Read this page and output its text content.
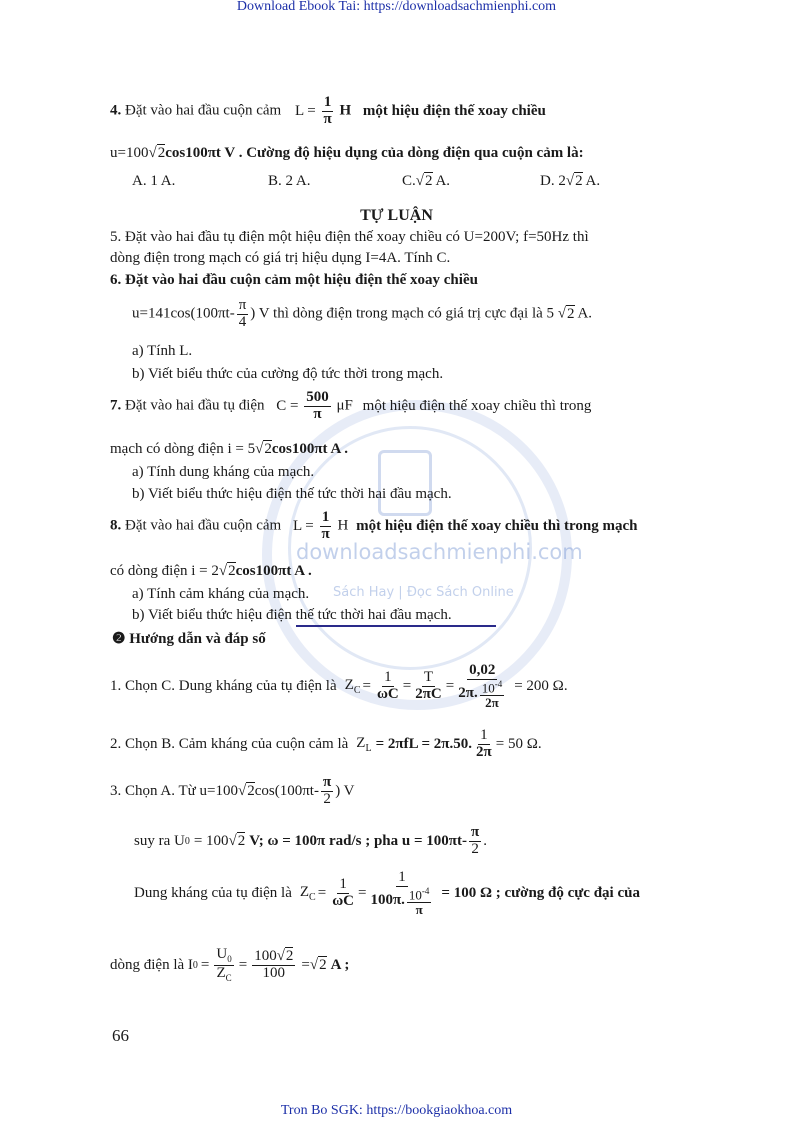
downloadsachmienphi.com
Sách Hay | Đọc Sách Online
Download Ebook Tai: https://downloadsachmienphi.com
Tron Bo SGK: https://bookgiaokhoa.com
4. Đặt vào hai đầu cuộn cảm $L = \frac{1}{\pi}$ H một hiệu điện thế xoay chiều
u=100√2cos100πt V . Cường độ hiệu dụng của dòng điện qua cuộn cảm là:
A. 1 A.	B. 2 A.	C.√2 A.	D. 2√2 A.
TỰ LUẬN
5. Đặt vào hai đầu tụ điện một hiệu điện thế xoay chiều có U=200V; f=50Hz thì
dòng điện trong mạch có giá trị hiệu dụng I=4A. Tính C.
6. Đặt vào hai đầu cuộn cảm một hiệu điện thế xoay chiều
$u=141\cos(100\pi t- \frac{\pi}{4}$ ) V thì dòng điện trong mạch có giá trị cực đại là 5 √2 A.
a) Tính L.
b) Viết biểu thức của cường độ tức thời trong mạch.
7. Đặt vào hai đầu tụ điện $C = \frac{500}{\pi}$ μF một hiệu điện thế xoay chiều thì trong
mạch có dòng điện i = 5√2cos100πt A .
a) Tính dung kháng của mạch.
b) Viết biểu thức hiệu điện thế tức thời hai đầu mạch.
8. Đặt vào hai đầu cuộn cảm $L = \frac{1}{\pi}$ H một hiệu điện thế xoay chiều thì trong mạch
có dòng điện i = 2√2cos100πt A .
a) Tính cảm kháng của mạch.
b) Viết biểu thức hiệu điện thế tức thời hai đầu mạch.
❷ Hướng dẫn và đáp số
1. Chọn C. Dung kháng của tụ điện là $Z_C = \frac{1}{\omega C} = \frac{T}{2\pi C} = \frac{0,02}{2\pi. \frac{10^{-4}}{2\pi}} = 200$ Ω.
2. Chọn B. Cảm kháng của cuộn cảm là $Z_L = 2\pi fL = 2\pi.50$. $\frac{1}{2\pi} = 50$ Ω.
3. Chọn A. Từ u=100 √ 2 $\cos(100\pi t- \frac{\pi}{2}$ ) V
suy ra U 0 = 100 √ 2 V; ω = 100π rad/s ; pha $u = 100\pi t- \frac{\pi}{2}$ .
Dung kháng của tụ điện là $Z_C = \frac{1}{\omega C} = \frac{1}{100\pi. \frac{10^{-4}}{\pi}} = 100$ Ω ; cường độ cực đại của
dòng điện là I $0 = \frac{U_0}{Z_C} = \frac{100√2}{100}$ = √ 2 A ;
66
